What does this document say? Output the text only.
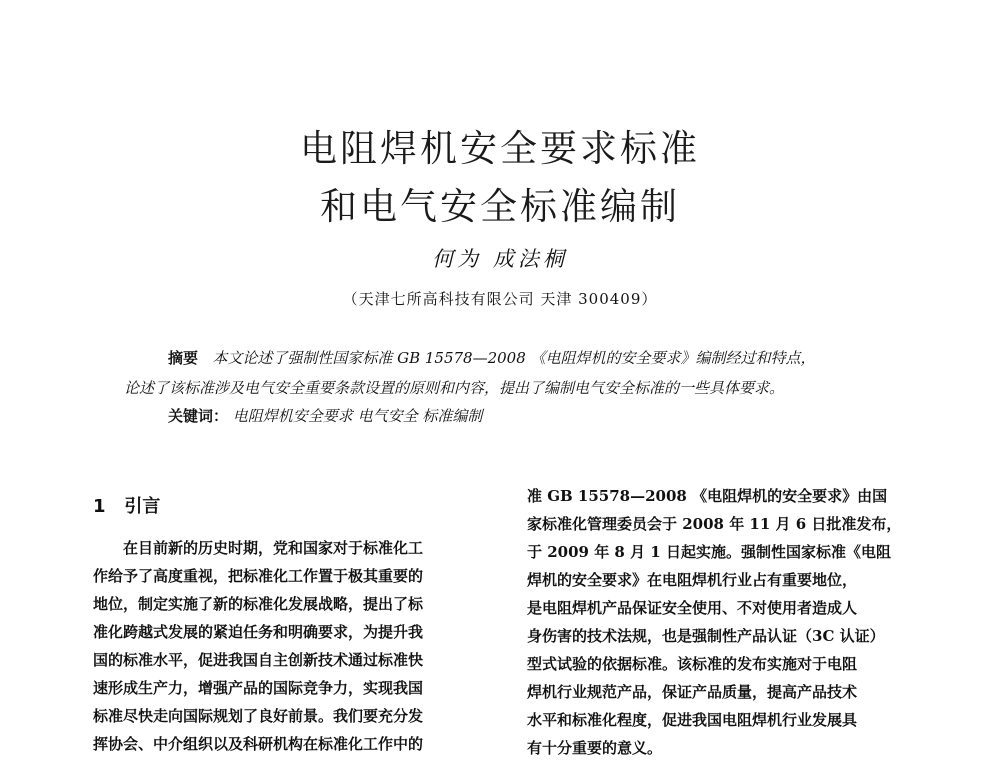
电阻焊机安全要求标准
和电气安全标准编制
何为 成法桐
（天津七所高科技有限公司 天津 300409）
摘要 本文论述了强制性国家标准 GB 15578—2008 《电阻焊机的安全要求》编制经过和特点，
论述了该标准涉及电气安全重要条款设置的原则和内容，提出了编制电气安全标准的一些具体要求。
关键词： 电阻焊机安全要求 电气安全 标准编制
1 引言
在目前新的历史时期，党和国家对于标准化工
作给予了高度重视，把标准化工作置于极其重要的
地位，制定实施了新的标准化发展战略，提出了标
准化跨越式发展的紧迫任务和明确要求，为提升我
国的标准水平，促进我国自主创新技术通过标准快
速形成生产力，增强产品的国际竞争力，实现我国
标准尽快走向国际规划了良好前景。我们要充分发
挥协会、中介组织以及科研机构在标准化工作中的
准 GB 15578—2008 《电阻焊机的安全要求》由国
家标准化管理委员会于 2008 年 11 月 6 日批准发布，
于 2009 年 8 月 1 日起实施。强制性国家标准《电阻
焊机的安全要求》在电阻焊机行业占有重要地位，
是电阻焊机产品保证安全使用、不对使用者造成人
身伤害的技术法规，也是强制性产品认证（3C 认证）
型式试验的依据标准。该标准的发布实施对于电阻
焊机行业规范产品，保证产品质量，提高产品技术
水平和标准化程度，促进我国电阻焊机行业发展具
有十分重要的意义。
